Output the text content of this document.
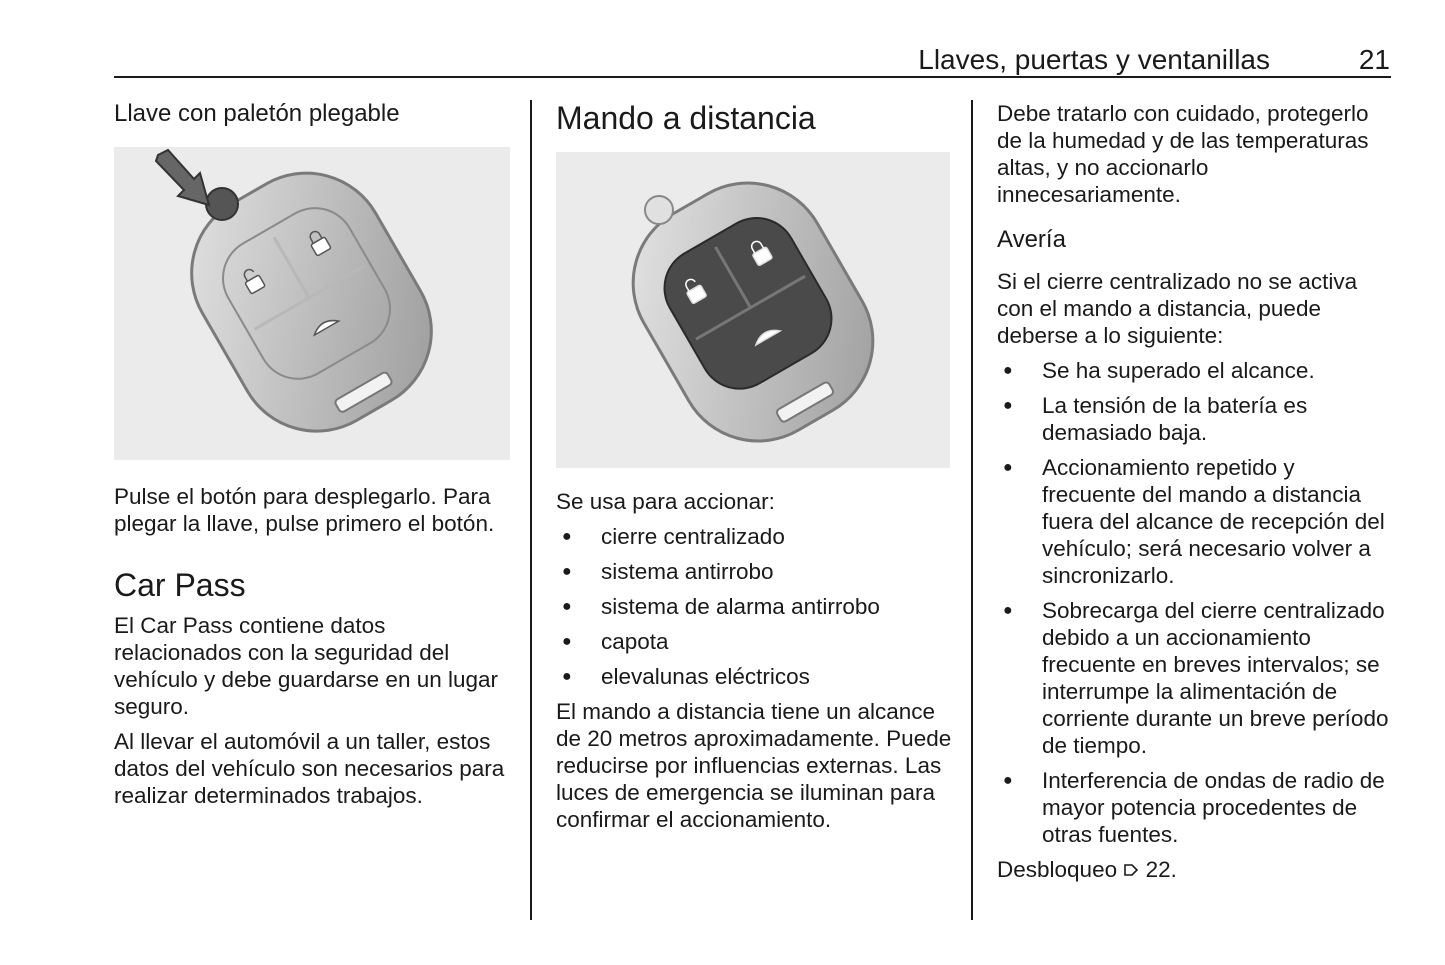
Llaves, puertas y ventanillas	21
Llave con paletón plegable

Pulse el botón para desplegarlo. Para plegar la llave, pulse primero el botón.

Car Pass

El Car Pass contiene datos relacionados con la seguridad del vehículo y debe guardarse en un lugar seguro.

Al llevar el automóvil a un taller, estos datos del vehículo son necesarios para realizar determinados trabajos.

Mando a distancia

Se usa para accionar:

● cierre centralizado
● sistema antirrobo
● sistema de alarma antirrobo
● capota
● elevalunas eléctricos

El mando a distancia tiene un alcance de 20 metros aproximadamente. Puede reducirse por influencias externas. Las luces de emergencia se iluminan para confirmar el accionamiento.

Debe tratarlo con cuidado, protegerlo de la humedad y de las temperaturas altas, y no accionarlo innecesariamente.

Avería

Si el cierre centralizado no se activa con el mando a distancia, puede deberse a lo siguiente:

● Se ha superado el alcance.
● La tensión de la batería es demasiado baja.
● Accionamiento repetido y frecuente del mando a distancia fuera del alcance de recepción del vehículo; será necesario volver a sincronizarlo.
● Sobrecarga del cierre centralizado debido a un accionamiento frecuente en breves intervalos; se interrumpe la alimentación de corriente durante un breve período de tiempo.
● Interferencia de ondas de radio de mayor potencia procedentes de otras fuentes.

Desbloqueo 22.
